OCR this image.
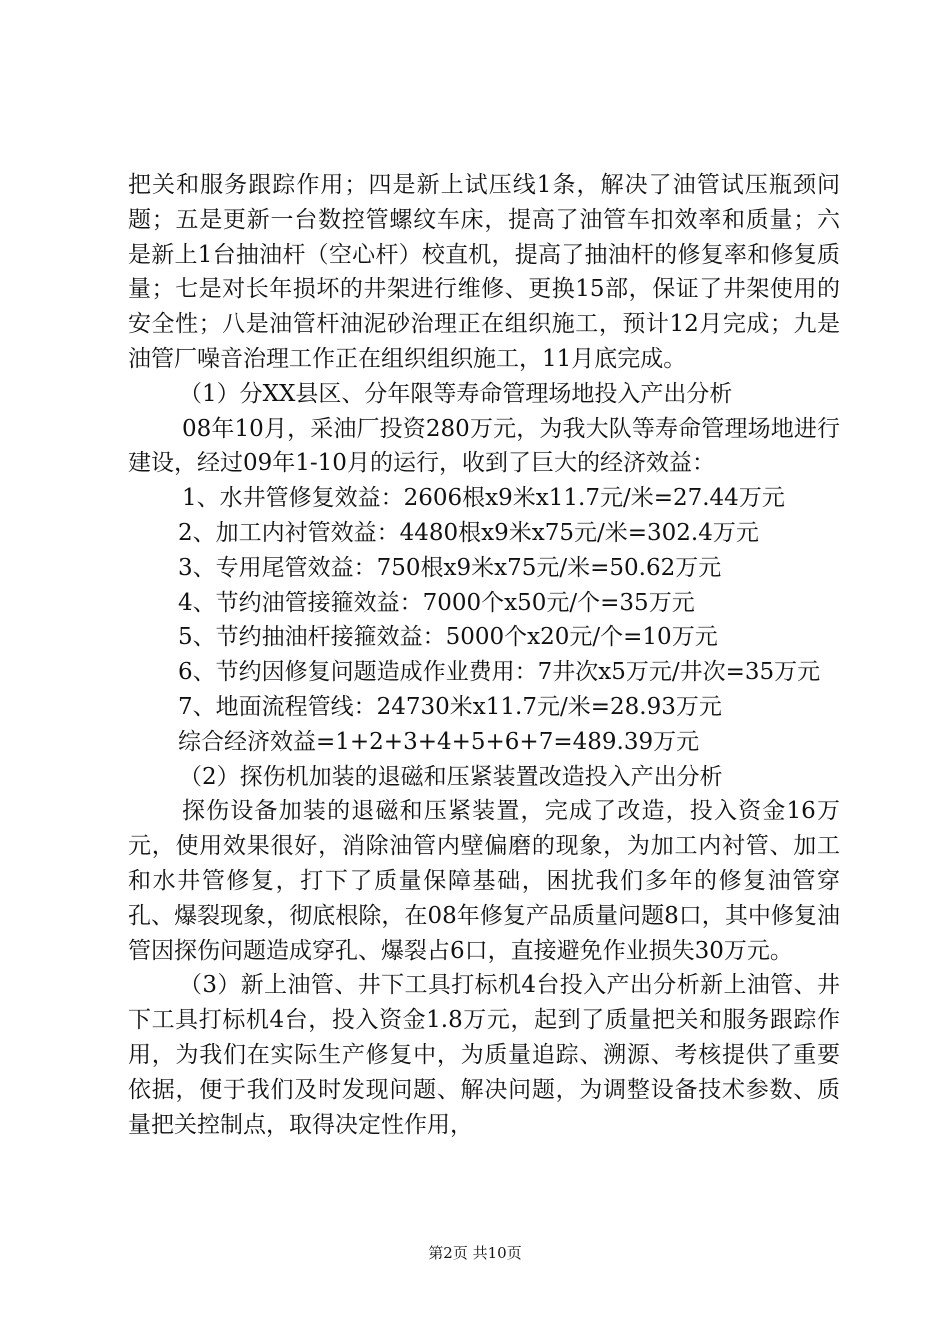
把关和服务跟踪作用；四是新上试压线1条，解决了油管试压瓶颈问题；五是更新一台数控管螺纹车床，提高了油管车扣效率和质量；六是新上1台抽油杆（空心杆）校直机，提高了抽油杆的修复率和修复质量；七是对长年损坏的井架进行维修、更换15部，保证了井架使用的安全性；八是油管杆油泥砂治理正在组织施工，预计12月完成；九是油管厂噪音治理工作正在组织组织施工，11月底完成。

（1）分XX县区、分年限等寿命管理场地投入产出分析

08年10月，采油厂投资280万元，为我大队等寿命管理场地进行建设，经过09年1-10月的运行，收到了巨大的经济效益：

1、水井管修复效益：2606根x9米x11.7元/米=27.44万元

2、加工内衬管效益：4480根x9米x75元/米=302.4万元

3、专用尾管效益：750根x9米x75元/米=50.62万元

4、节约油管接箍效益：7000个x50元/个=35万元

5、节约抽油杆接箍效益：5000个x20元/个=10万元

6、节约因修复问题造成作业费用：7井次x5万元/井次=35万元

7、地面流程管线：24730米x11.7元/米=28.93万元

综合经济效益=1+2+3+4+5+6+7=489.39万元

（2）探伤机加装的退磁和压紧装置改造投入产出分析

探伤设备加装的退磁和压紧装置，完成了改造，投入资金16万元，使用效果很好，消除油管内壁偏磨的现象，为加工内衬管、加工和水井管修复，打下了质量保障基础，困扰我们多年的修复油管穿孔、爆裂现象，彻底根除，在08年修复产品质量问题8口，其中修复油管因探伤问题造成穿孔、爆裂占6口，直接避免作业损失30万元。

（3）新上油管、井下工具打标机4台投入产出分析新上油管、井下工具打标机4台，投入资金1.8万元，起到了质量把关和服务跟踪作用，为我们在实际生产修复中，为质量追踪、溯源、考核提供了重要依据，便于我们及时发现问题、解决问题，为调整设备技术参数、质量把关控制点，取得决定性作用，

第2页 共10页
